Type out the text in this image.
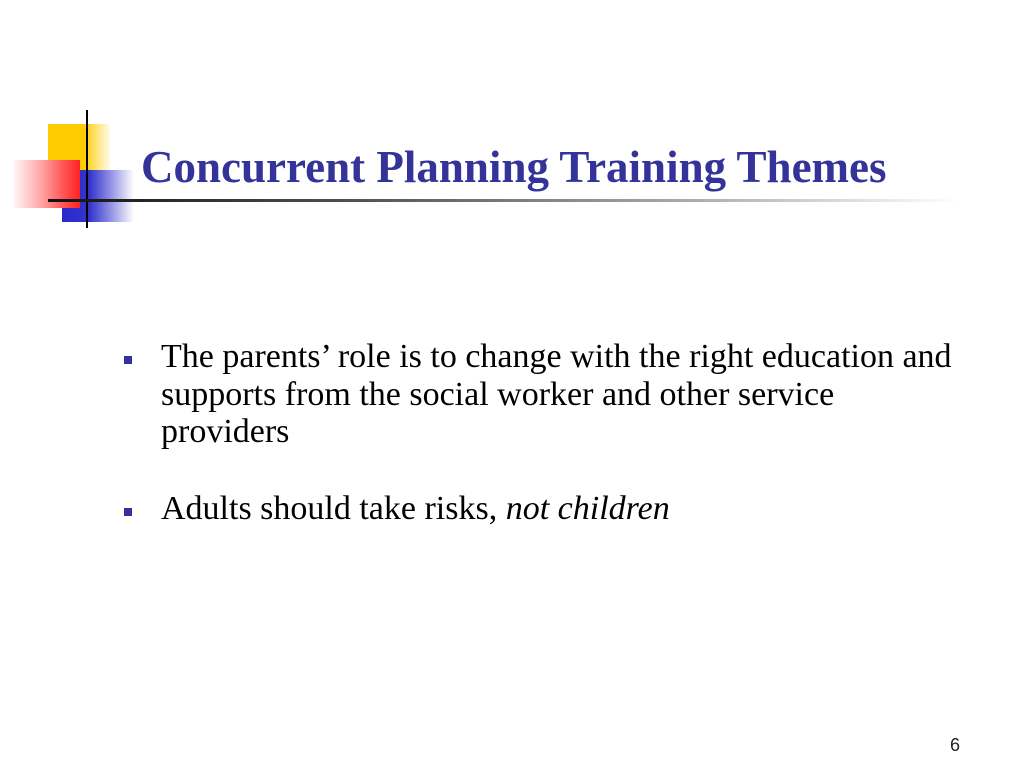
Concurrent Planning Training Themes
The parents’ role is to change with the right education and
supports from the social worker and other service
providers
Adults should take risks, not children
6
